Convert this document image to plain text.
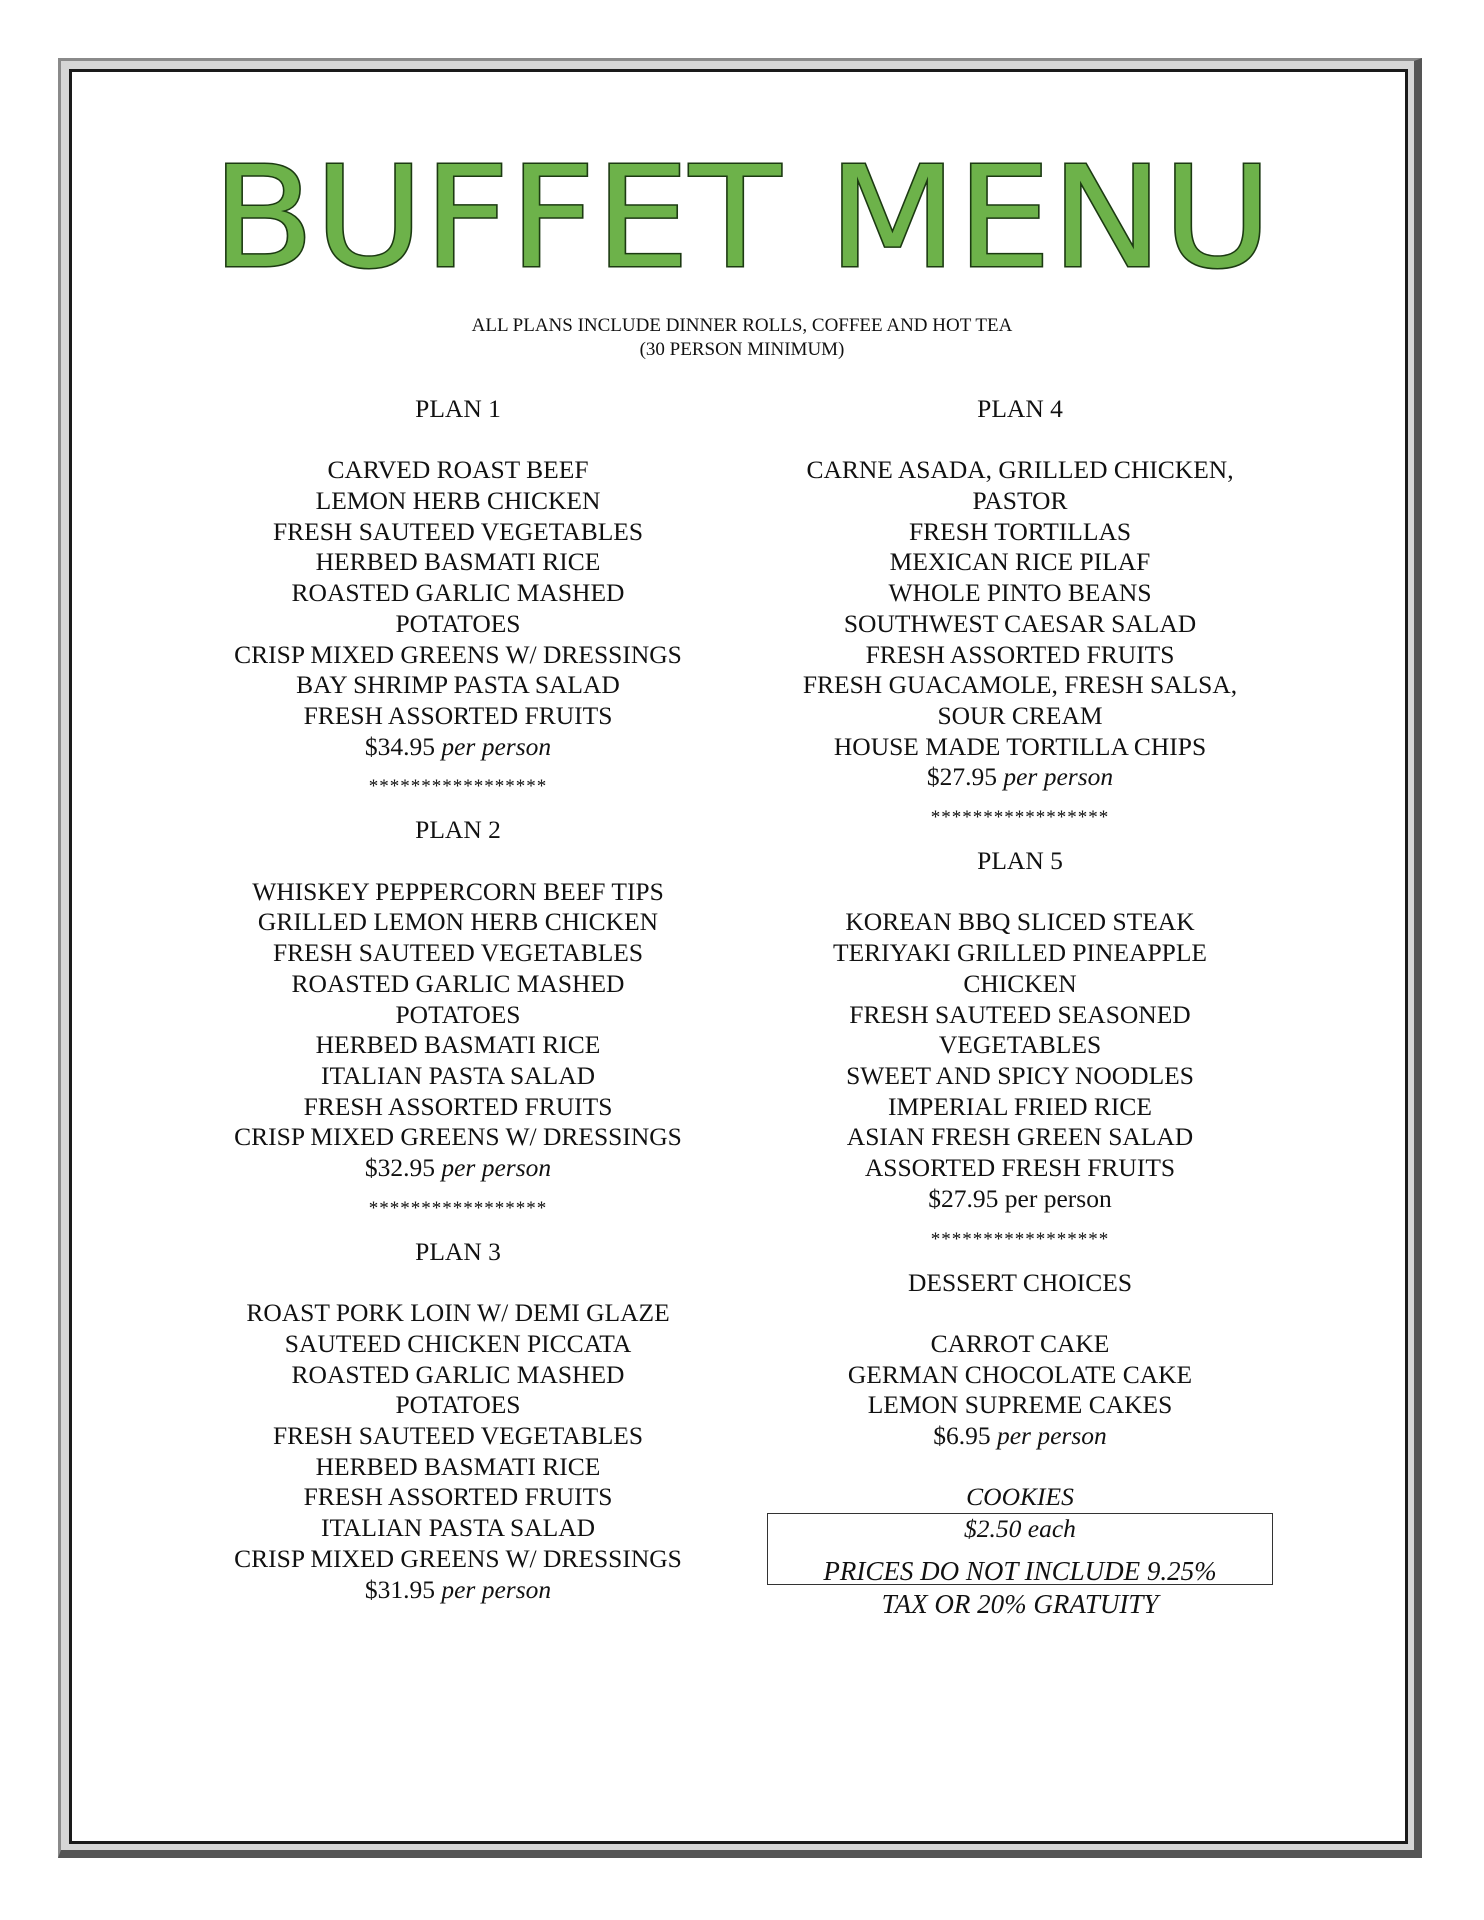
BUFFET MENU
ALL PLANS INCLUDE DINNER ROLLS, COFFEE AND HOT TEA
(30 PERSON MINIMUM)
PLAN 1
CARVED ROAST BEEF
LEMON HERB CHICKEN
FRESH SAUTEED VEGETABLES
HERBED BASMATI RICE
ROASTED GARLIC MASHED
POTATOES
CRISP MIXED GREENS W/ DRESSINGS
BAY SHRIMP PASTA SALAD
FRESH ASSORTED FRUITS
$34.95 per person
*****************
PLAN 2
WHISKEY PEPPERCORN BEEF TIPS
GRILLED LEMON HERB CHICKEN
FRESH SAUTEED VEGETABLES
ROASTED GARLIC MASHED
POTATOES
HERBED BASMATI RICE
ITALIAN PASTA SALAD
FRESH ASSORTED FRUITS
CRISP MIXED GREENS W/ DRESSINGS
$32.95 per person
*****************
PLAN 3
ROAST PORK LOIN W/ DEMI GLAZE
SAUTEED CHICKEN PICCATA
ROASTED GARLIC MASHED
POTATOES
FRESH SAUTEED VEGETABLES
HERBED BASMATI RICE
FRESH ASSORTED FRUITS
ITALIAN PASTA SALAD
CRISP MIXED GREENS W/ DRESSINGS
$31.95 per person
PLAN 4
CARNE ASADA, GRILLED CHICKEN,
PASTOR
FRESH TORTILLAS
MEXICAN RICE PILAF
WHOLE PINTO BEANS
SOUTHWEST CAESAR SALAD
FRESH ASSORTED FRUITS
FRESH GUACAMOLE, FRESH SALSA,
SOUR CREAM
HOUSE MADE TORTILLA CHIPS
$27.95 per person
*****************
PLAN 5
KOREAN BBQ SLICED STEAK
TERIYAKI GRILLED PINEAPPLE
CHICKEN
FRESH SAUTEED SEASONED
VEGETABLES
SWEET AND SPICY NOODLES
IMPERIAL FRIED RICE
ASIAN FRESH GREEN SALAD
ASSORTED FRESH FRUITS
$27.95 per person
*****************
DESSERT CHOICES
CARROT CAKE
GERMAN CHOCOLATE CAKE
LEMON SUPREME CAKES
$6.95 per person
COOKIES
$2.50 each
PRICES DO NOT INCLUDE 9.25%
TAX OR 20% GRATUITY
